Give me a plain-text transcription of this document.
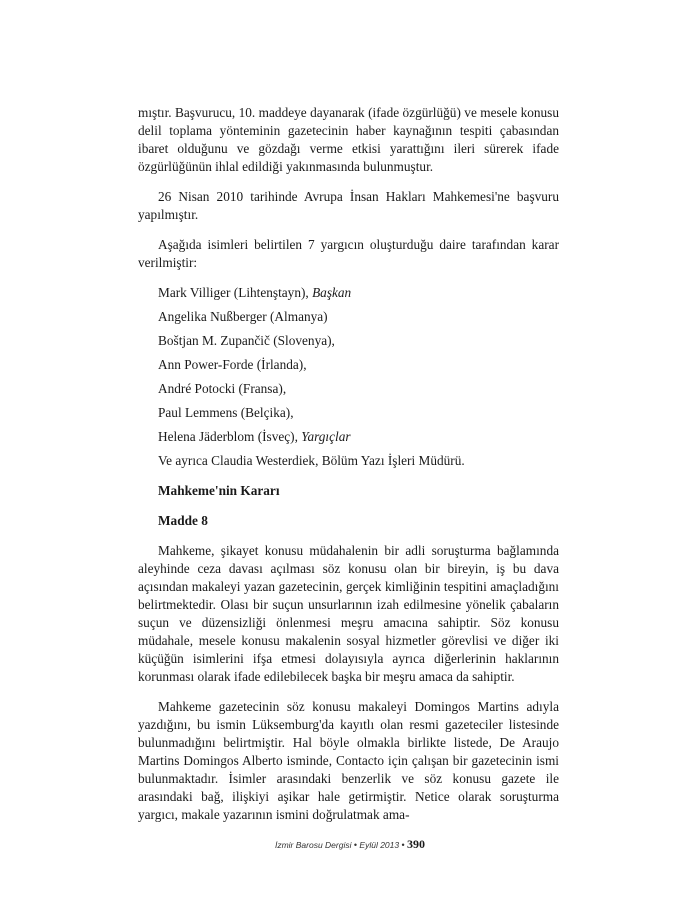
mıştır. Başvurucu, 10. maddeye dayanarak (ifade özgürlüğü) ve mesele konusu delil toplama yönteminin gazetecinin haber kaynağının tespiti çabasından ibaret olduğunu ve gözdağı verme etkisi yarattığını ileri sürerek ifade özgürlüğünün ihlal edildiği yakınmasında bulunmuştur.

26 Nisan 2010 tarihinde Avrupa İnsan Hakları Mahkemesi'ne başvuru yapılmıştır.

Aşağıda isimleri belirtilen 7 yargıcın oluşturduğu daire tarafından karar verilmiştir:

Mark Villiger (Lihtenştayn), Başkan
Angelika Nußberger (Almanya)
Boštjan M. Zupančič (Slovenya),
Ann Power-Forde (İrlanda),
André Potocki (Fransa),
Paul Lemmens (Belçika),
Helena Jäderblom (İsveç), Yargıçlar
Ve ayrıca Claudia Westerdiek, Bölüm Yazı İşleri Müdürü.

Mahkeme'nin Kararı

Madde 8

Mahkeme, şikayet konusu müdahalenin bir adli soruşturma bağlamında aleyhinde ceza davası açılması söz konusu olan bir bireyin, iş bu dava açısından makaleyi yazan gazetecinin, gerçek kimliğinin tespitini amaçladığını belirtmektedir. Olası bir suçun unsurlarının izah edilmesine yönelik çabaların suçun ve düzensizliği önlenmesi meşru amacına sahiptir. Söz konusu müdahale, mesele konusu makalenin sosyal hizmetler görevlisi ve diğer iki küçüğün isimlerini ifşa etmesi dolayısıyla ayrıca diğerlerinin haklarının korunması olarak ifade edilebilecek başka bir meşru amaca da sahiptir.

Mahkeme gazetecinin söz konusu makaleyi Domingos Martins adıyla yazdığını, bu ismin Lüksemburg'da kayıtlı olan resmi gazeteciler listesinde bulunmadığını belirtmiştir. Hal böyle olmakla birlikte listede, De Araujo Martins Domingos Alberto isminde, Contacto için çalışan bir gazetecinin ismi bulunmaktadır. İsimler arasındaki benzerlik ve söz konusu gazete ile arasındaki bağ, ilişkiyi aşikar hale getirmiştir. Netice olarak soruşturma yargıcı, makale yazarının ismini doğrulatmak ama-

İzmir Barosu Dergisi • Eylül 2013 • 390
